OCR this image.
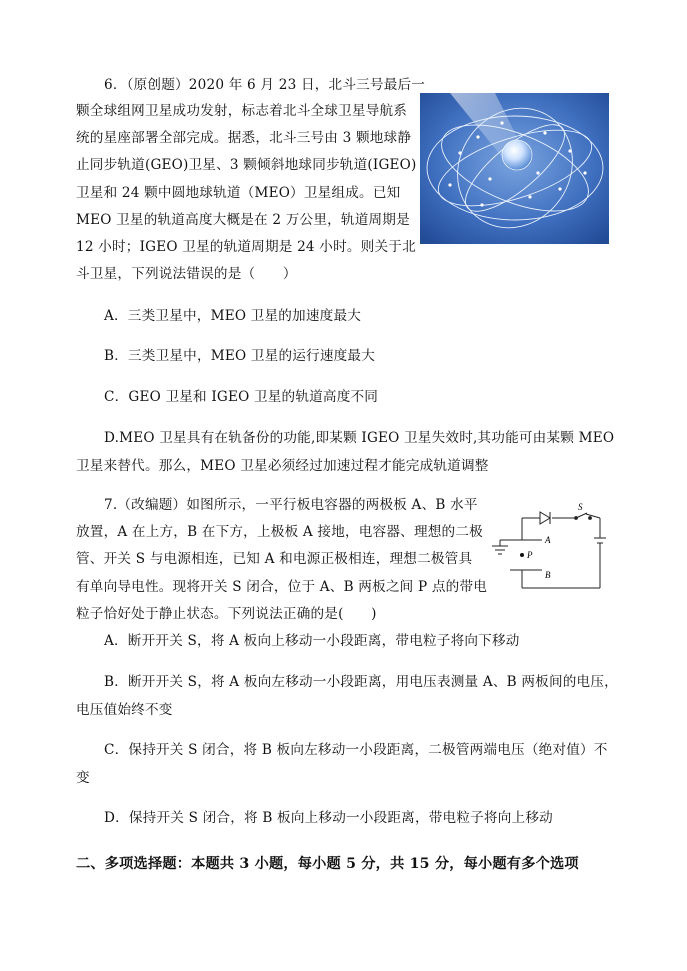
6．（原创题）2020 年 6 月 23 日，北斗三号最后一
颗全球组网卫星成功发射，标志着北斗全球卫星导航系
统的星座部署全部完成。据悉，北斗三号由 3 颗地球静
止同步轨道(GEO)卫星、3 颗倾斜地球同步轨道(IGEO)
卫星和 24 颗中圆地球轨道（MEO）卫星组成。已知
MEO 卫星的轨道高度大概是在 2 万公里，轨道周期是
12 小时；IGEO 卫星的轨道周期是 24 小时。则关于北
斗卫星，下列说法错误的是（　　）
A．三类卫星中，MEO 卫星的加速度最大
B．三类卫星中，MEO 卫星的运行速度最大
C．GEO 卫星和 IGEO 卫星的轨道高度不同
D.MEO 卫星具有在轨备份的功能,即某颗 IGEO 卫星失效时,其功能可由某颗 MEO
卫星来替代。那么，MEO 卫星必须经过加速过程才能完成轨道调整
7.（改编题）如图所示，一平行板电容器的两极板 A、B 水平
放置，A 在上方，B 在下方，上极板 A 接地，电容器、理想的二极
管、开关 S 与电源相连，已知 A 和电源正极相连，理想二极管具
有单向导电性。现将开关 S 闭合，位于 A、B 两板之间 P 点的带电
粒子恰好处于静止状态。下列说法正确的是(　　)
S
A
P
B
A．断开开关 S，将 A 板向上移动一小段距离，带电粒子将向下移动
B．断开开关 S，将 A 板向左移动一小段距离，用电压表测量 A、B 两板间的电压，
电压值始终不变
C．保持开关 S 闭合，将 B 板向左移动一小段距离，二极管两端电压（绝对值）不
变
D．保持开关 S 闭合，将 B 板向上移动一小段距离，带电粒子将向上移动
二、多项选择题：本题共 3 小题，每小题 5 分，共 15 分，每小题有多个选项
